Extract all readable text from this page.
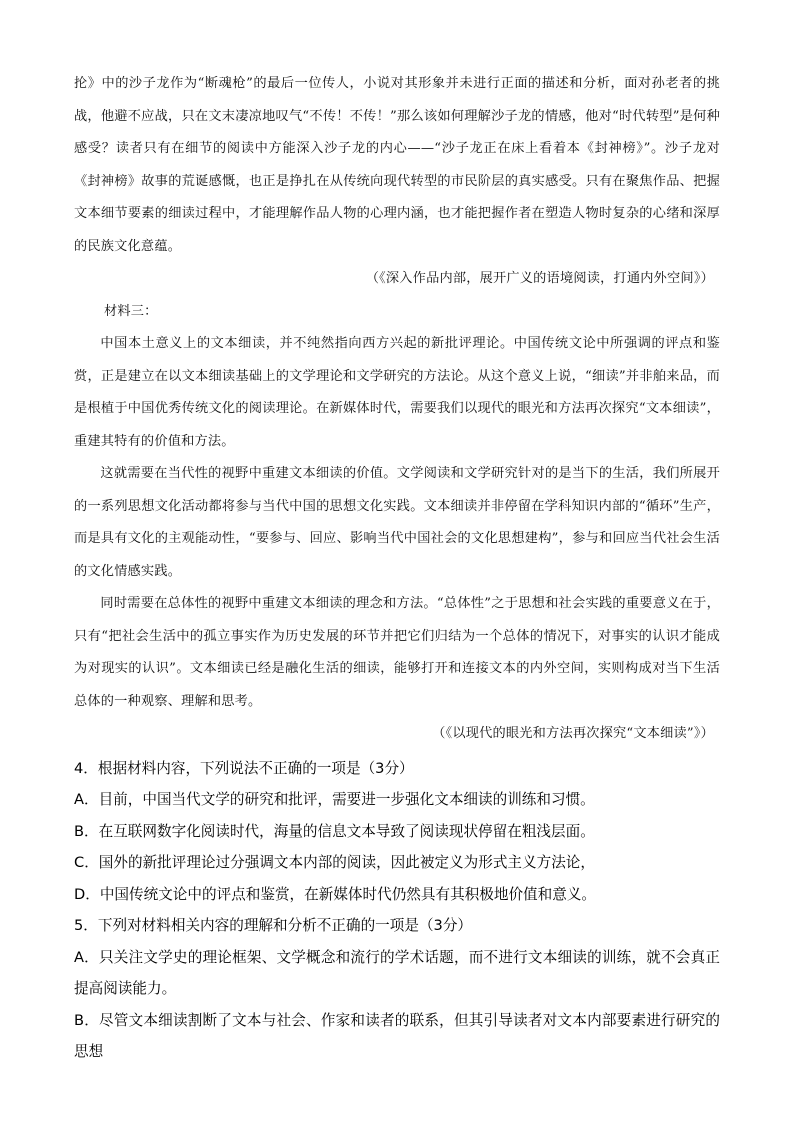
抡》中的沙子龙作为“断魂枪”的最后一位传人，小说对其形象并未进行正面的描述和分析，面对孙老者的挑战，他避不应战，只在文末凄凉地叹气“不传！不传！”那么该如何理解沙子龙的情感，他对“时代转型”是何种感受？读者只有在细节的阅读中方能深入沙子龙的内心——“沙子龙正在床上看着本《封神榜》”。沙子龙对《封神榜》故事的荒诞感慨，也正是挣扎在从传统向现代转型的市民阶层的真实感受。只有在聚焦作品、把握文本细节要素的细读过程中，才能理解作品人物的心理内涵，也才能把握作者在塑造人物时复杂的心绪和深厚的民族文化意蕴。

（《深入作品内部，展开广义的语境阅读，打通内外空间》）

材料三：

中国本土意义上的文本细读，并不纯然指向西方兴起的新批评理论。中国传统文论中所强调的评点和鉴赏，正是建立在以文本细读基础上的文学理论和文学研究的方法论。从这个意义上说，“细读”并非舶来品，而是根植于中国优秀传统文化的阅读理论。在新媒体时代，需要我们以现代的眼光和方法再次探究“文本细读”，重建其特有的价值和方法。

这就需要在当代性的视野中重建文本细读的价值。文学阅读和文学研究针对的是当下的生活，我们所展开的一系列思想文化活动都将参与当代中国的思想文化实践。文本细读并非停留在学科知识内部的“循环”生产，而是具有文化的主观能动性，“要参与、回应、影响当代中国社会的文化思想建构”，参与和回应当代社会生活的文化情感实践。

同时需要在总体性的视野中重建文本细读的理念和方法。“总体性”之于思想和社会实践的重要意义在于，只有“把社会生活中的孤立事实作为历史发展的环节并把它们归结为一个总体的情况下，对事实的认识才能成为对现实的认识”。文本细读已经是融化生活的细读，能够打开和连接文本的内外空间，实则构成对当下生活总体的一种观察、理解和思考。

（《以现代的眼光和方法再次探究“文本细读”》）

4．根据材料内容，下列说法不正确的一项是（3分）

A．目前，中国当代文学的研究和批评，需要进一步强化文本细读的训练和习惯。

B．在互联网数字化阅读时代，海量的信息文本导致了阅读现状停留在粗浅层面。

C．国外的新批评理论过分强调文本内部的阅读，因此被定义为形式主义方法论，

D．中国传统文论中的评点和鉴赏，在新媒体时代仍然具有其积极地价值和意义。

5．下列对材料相关内容的理解和分析不正确的一项是（3分）

A．只关注文学史的理论框架、文学概念和流行的学术话题，而不进行文本细读的训练，就不会真正提高阅读能力。

B．尽管文本细读割断了文本与社会、作家和读者的联系，但其引导读者对文本内部要素进行研究的思想
